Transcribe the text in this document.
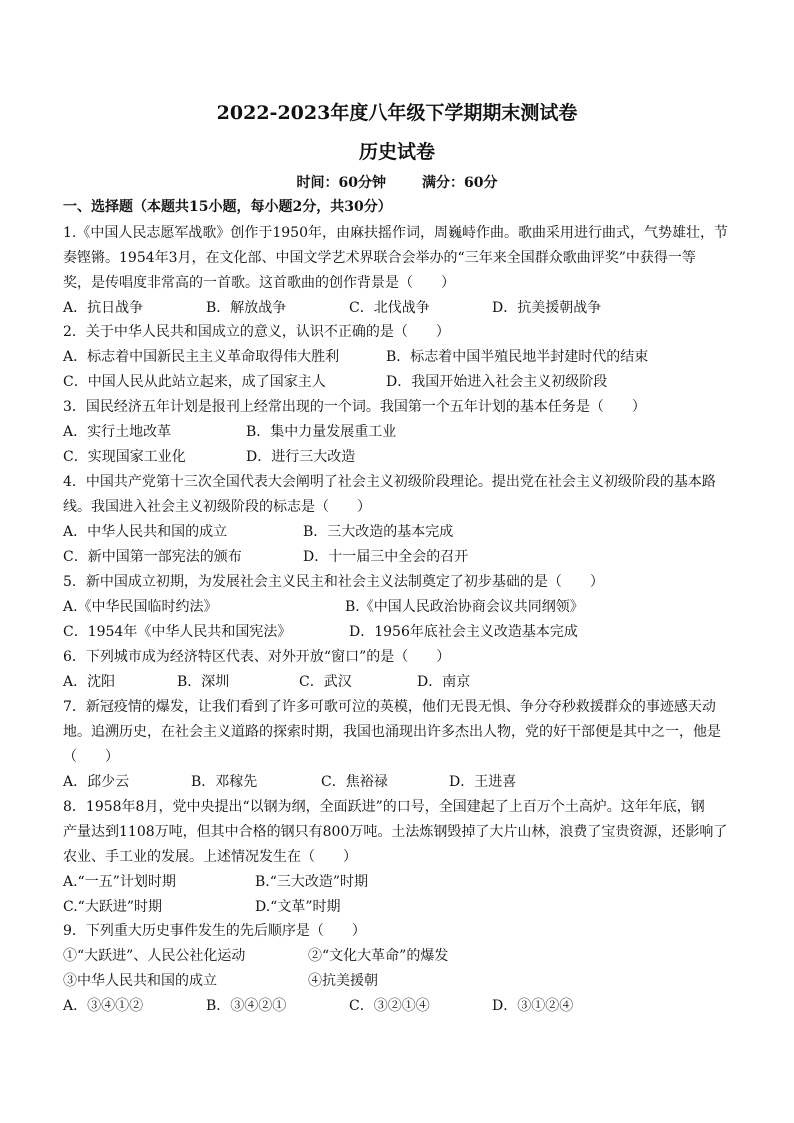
2022-2023年度八年级下学期期末测试卷
历史试卷
时间：60分钟	满分：60分
一、选择题（本题共15小题，每小题2分，共30分）
1.《中国人民志愿军战歌》创作于1950年，由麻扶摇作词，周巍峙作曲。歌曲采用进行曲式，气势雄壮，节
奏铿锵。1954年3月，在文化部、中国文学艺术界联合会举办的“三年来全国群众歌曲评奖”中获得一等
奖，是传唱度非常高的一首歌。这首歌曲的创作背景是（　　）
A．抗日战争	B．解放战争	C．北伐战争	D．抗美援朝战争
2．关于中华人民共和国成立的意义，认识不正确的是（　　）
A．标志着中国新民主主义革命取得伟大胜利	B．标志着中国半殖民地半封建时代的结束
C．中国人民从此站立起来，成了国家主人	D．我国开始进入社会主义初级阶段
3．国民经济五年计划是报刊上经常出现的一个词。我国第一个五年计划的基本任务是（　　）
A．实行土地改革	B．集中力量发展重工业
C．实现国家工业化	D．进行三大改造
4．中国共产党第十三次全国代表大会阐明了社会主义初级阶段理论。提出党在社会主义初级阶段的基本路
线。我国进入社会主义初级阶段的标志是（　　）
A．中华人民共和国的成立	B．三大改造的基本完成
C．新中国第一部宪法的颁布	D．十一届三中全会的召开
5．新中国成立初期，为发展社会主义民主和社会主义法制奠定了初步基础的是（　　）
A.《中华民国临时约法》	B.《中国人民政治协商会议共同纲领》
C．1954年《中华人民共和国宪法》	D．1956年底社会主义改造基本完成
6．下列城市成为经济特区代表、对外开放“窗口”的是（　　）
A．沈阳	B．深圳	C．武汉	D．南京
7．新冠疫情的爆发，让我们看到了许多可歌可泣的英模，他们无畏无惧、争分夺秒救援群众的事迹感天动
地。追溯历史，在社会主义道路的探索时期，我国也涌现出许多杰出人物，党的好干部便是其中之一，他是
（　　）
A．邱少云	B．邓稼先	C．焦裕禄	D．王进喜
8．1958年8月，党中央提出“以钢为纲，全面跃进”的口号，全国建起了上百万个土高炉。这年年底，钢
产量达到1108万吨，但其中合格的钢只有800万吨。土法炼钢毁掉了大片山林，浪费了宝贵资源，还影响了
农业、手工业的发展。上述情况发生在（　　）
A.“一五”计划时期	B.“三大改造”时期
C.“大跃进”时期	D.“文革”时期
9．下列重大历史事件发生的先后顺序是（　　）
①“大跃进”、人民公社化运动	②“文化大革命”的爆发
③中华人民共和国的成立	④抗美援朝
A．③④①②	B．③④②①	C．③②①④	D．③①②④
